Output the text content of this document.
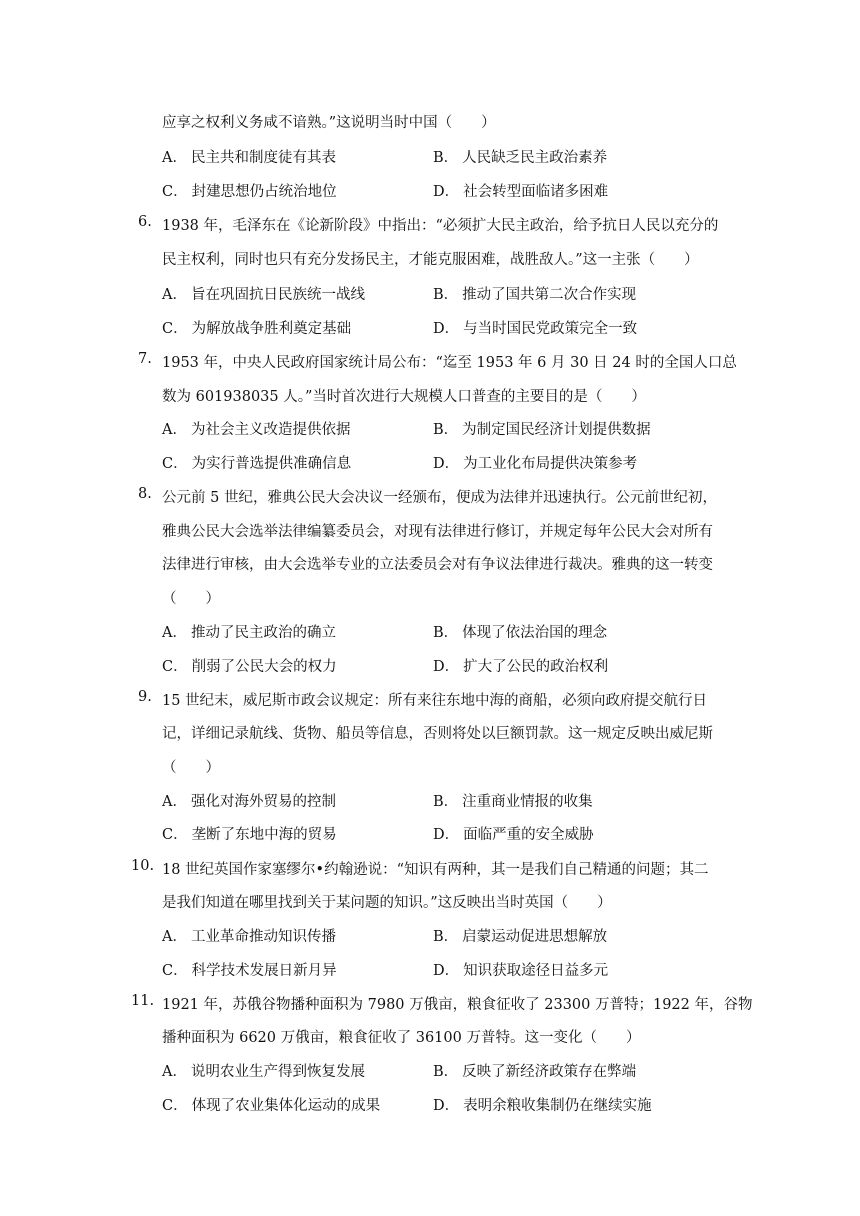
应享之权利义务咸不谙熟。”这说明当时中国（　　）
A． 民主共和制度徒有其表	B． 人民缺乏民主政治素养
C． 封建思想仍占统治地位	D． 社会转型面临诸多困难
6. 1938 年，毛泽东在《论新阶段》中指出：“必须扩大民主政治，给予抗日人民以充分的
民主权利，同时也只有充分发扬民主，才能克服困难，战胜敌人。”这一主张（　　）
A． 旨在巩固抗日民族统一战线	B． 推动了国共第二次合作实现
C． 为解放战争胜利奠定基础	D． 与当时国民党政策完全一致
7. 1953 年，中央人民政府国家统计局公布：“迄至 1953 年 6 月 30 日 24 时的全国人口总
数为 601938035 人。”当时首次进行大规模人口普查的主要目的是（　　）
A． 为社会主义改造提供依据	B． 为制定国民经济计划提供数据
C． 为实行普选提供准确信息	D． 为工业化布局提供决策参考
8. 公元前 5 世纪，雅典公民大会决议一经颁布，便成为法律并迅速执行。公元前世纪初，
雅典公民大会选举法律编纂委员会，对现有法律进行修订，并规定每年公民大会对所有
法律进行审核，由大会选举专业的立法委员会对有争议法律进行裁决。雅典的这一转变
（　　）
A． 推动了民主政治的确立	B． 体现了依法治国的理念
C． 削弱了公民大会的权力	D． 扩大了公民的政治权利
9. 15 世纪末，威尼斯市政会议规定：所有来往东地中海的商船，必须向政府提交航行日
记，详细记录航线、货物、船员等信息，否则将处以巨额罚款。这一规定反映出威尼斯
（　　）
A． 强化对海外贸易的控制	B． 注重商业情报的收集
C． 垄断了东地中海的贸易	D． 面临严重的安全威胁
10. 18 世纪英国作家塞缪尔•约翰逊说：“知识有两种，其一是我们自己精通的问题；其二
是我们知道在哪里找到关于某问题的知识。”这反映出当时英国（　　）
A． 工业革命推动知识传播	B． 启蒙运动促进思想解放
C． 科学技术发展日新月异	D． 知识获取途径日益多元
11. 1921 年，苏俄谷物播种面积为 7980 万俄亩，粮食征收了 23300 万普特；1922 年，谷物
播种面积为 6620 万俄亩，粮食征收了 36100 万普特。这一变化（　　）
A． 说明农业生产得到恢复发展	B． 反映了新经济政策存在弊端
C． 体现了农业集体化运动的成果	D． 表明余粮收集制仍在继续实施
